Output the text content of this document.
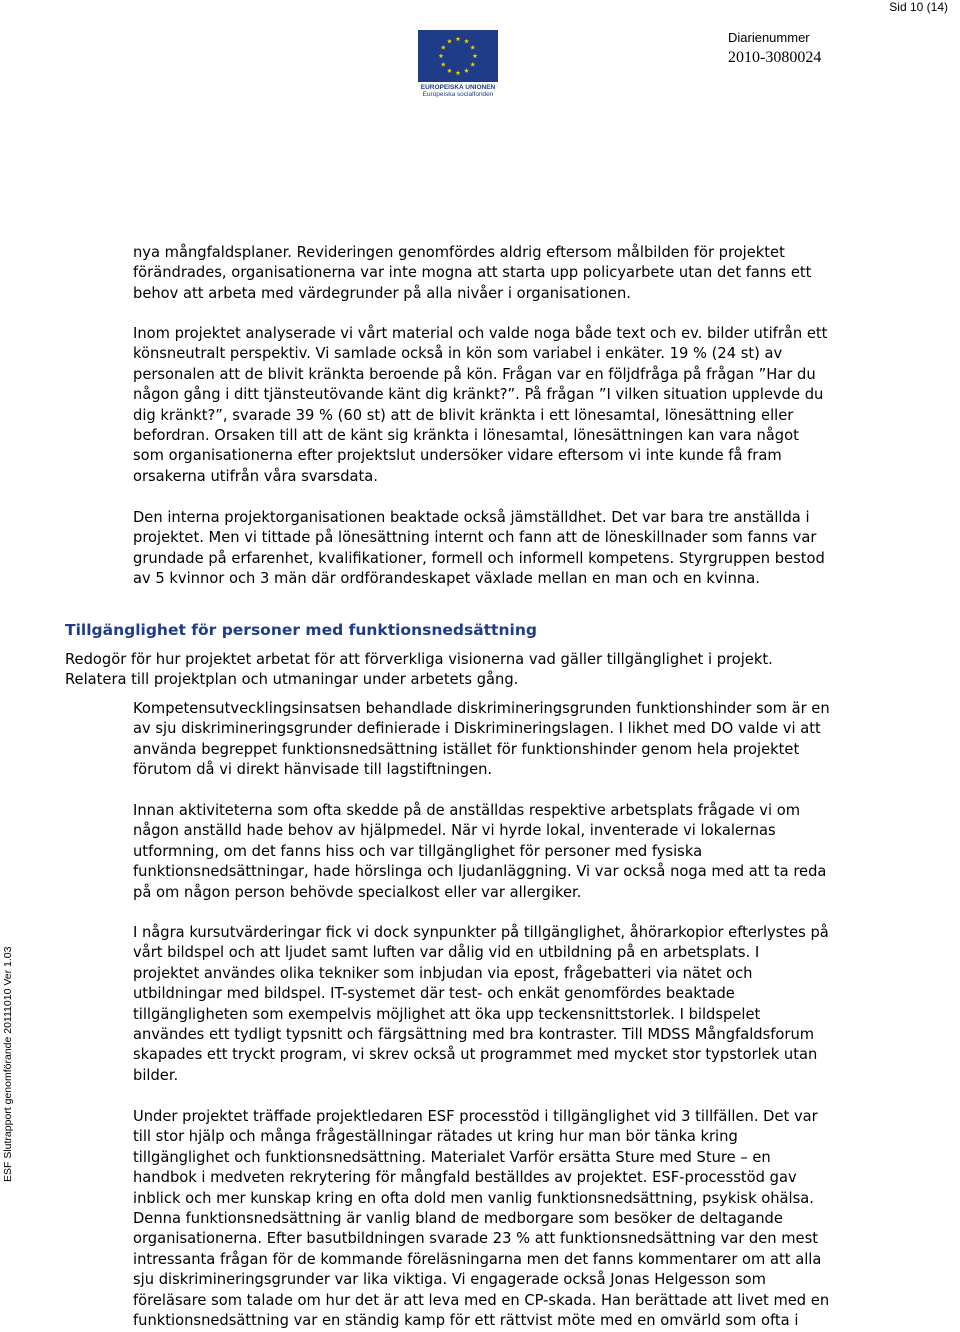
Sid 10 (14)
EUROPEISKA UNIONEN
Europeiska socialfonden
Diarienummer
2010-3080024
ESF Slutrapport genomförande 20111010 Ver 1.03
nya mångfaldsplaner. Revideringen genomfördes aldrig eftersom målbilden för projektet
förändrades, organisationerna var inte mogna att starta upp policyarbete utan det fanns ett
behov att arbeta med värdegrunder på alla nivåer i organisationen.
Inom projektet analyserade vi vårt material och valde noga både text och ev. bilder utifrån ett
könsneutralt perspektiv. Vi samlade också in kön som variabel i enkäter. 19 % (24 st) av
personalen att de blivit kränkta beroende på kön. Frågan var en följdfråga på frågan ”Har du
någon gång i ditt tjänsteutövande känt dig kränkt?”. På frågan ”I vilken situation upplevde du
dig kränkt?”, svarade 39 % (60 st) att de blivit kränkta i ett lönesamtal, lönesättning eller
befordran. Orsaken till att de känt sig kränkta i lönesamtal, lönesättningen kan vara något
som organisationerna efter projektslut undersöker vidare eftersom vi inte kunde få fram
orsakerna utifrån våra svarsdata.
Den interna projektorganisationen beaktade också jämställdhet. Det var bara tre anställda i
projektet. Men vi tittade på lönesättning internt och fann att de löneskillnader som fanns var
grundade på erfarenhet, kvalifikationer, formell och informell kompetens. Styrgruppen bestod
av 5 kvinnor och 3 män där ordförandeskapet växlade mellan en man och en kvinna.
Tillgänglighet för personer med funktionsnedsättning
Redogör för hur projektet arbetat för att förverkliga visionerna vad gäller tillgänglighet i projekt.
Relatera till projektplan och utmaningar under arbetets gång.
Kompetensutvecklingsinsatsen behandlade diskrimineringsgrunden funktionshinder som är en
av sju diskrimineringsgrunder definierade i Diskrimineringslagen. I likhet med DO valde vi att
använda begreppet funktionsnedsättning istället för funktionshinder genom hela projektet
förutom då vi direkt hänvisade till lagstiftningen.
Innan aktiviteterna som ofta skedde på de anställdas respektive arbetsplats frågade vi om
någon anställd hade behov av hjälpmedel. När vi hyrde lokal, inventerade vi lokalernas
utformning, om det fanns hiss och var tillgänglighet för personer med fysiska
funktionsnedsättningar, hade hörslinga och ljudanläggning. Vi var också noga med att ta reda
på om någon person behövde specialkost eller var allergiker.
I några kursutvärderingar fick vi dock synpunkter på tillgänglighet, åhörarkopior efterlystes på
vårt bildspel och att ljudet samt luften var dålig vid en utbildning på en arbetsplats. I
projektet användes olika tekniker som inbjudan via epost, frågebatteri via nätet och
utbildningar med bildspel. IT-systemet där test- och enkät genomfördes beaktade
tillgängligheten som exempelvis möjlighet att öka upp teckensnittstorlek. I bildspelet
användes ett tydligt typsnitt och färgsättning med bra kontraster. Till MDSS Mångfaldsforum
skapades ett tryckt program, vi skrev också ut programmet med mycket stor typstorlek utan
bilder.
Under projektet träffade projektledaren ESF processtöd i tillgänglighet vid 3 tillfällen. Det var
till stor hjälp och många frågeställningar rätades ut kring hur man bör tänka kring
tillgänglighet och funktionsnedsättning. Materialet Varför ersätta Sture med Sture – en
handbok i medveten rekrytering för mångfald beställdes av projektet. ESF-processtöd gav
inblick och mer kunskap kring en ofta dold men vanlig funktionsnedsättning, psykisk ohälsa.
Denna funktionsnedsättning är vanlig bland de medborgare som besöker de deltagande
organisationerna. Efter basutbildningen svarade 23 % att funktionsnedsättning var den mest
intressanta frågan för de kommande föreläsningarna men det fanns kommentarer om att alla
sju diskrimineringsgrunder var lika viktiga. Vi engagerade också Jonas Helgesson som
föreläsare som talade om hur det är att leva med en CP-skada. Han berättade att livet med en
funktionsnedsättning var en ständig kamp för ett rättvist möte med en omvärld som ofta i
